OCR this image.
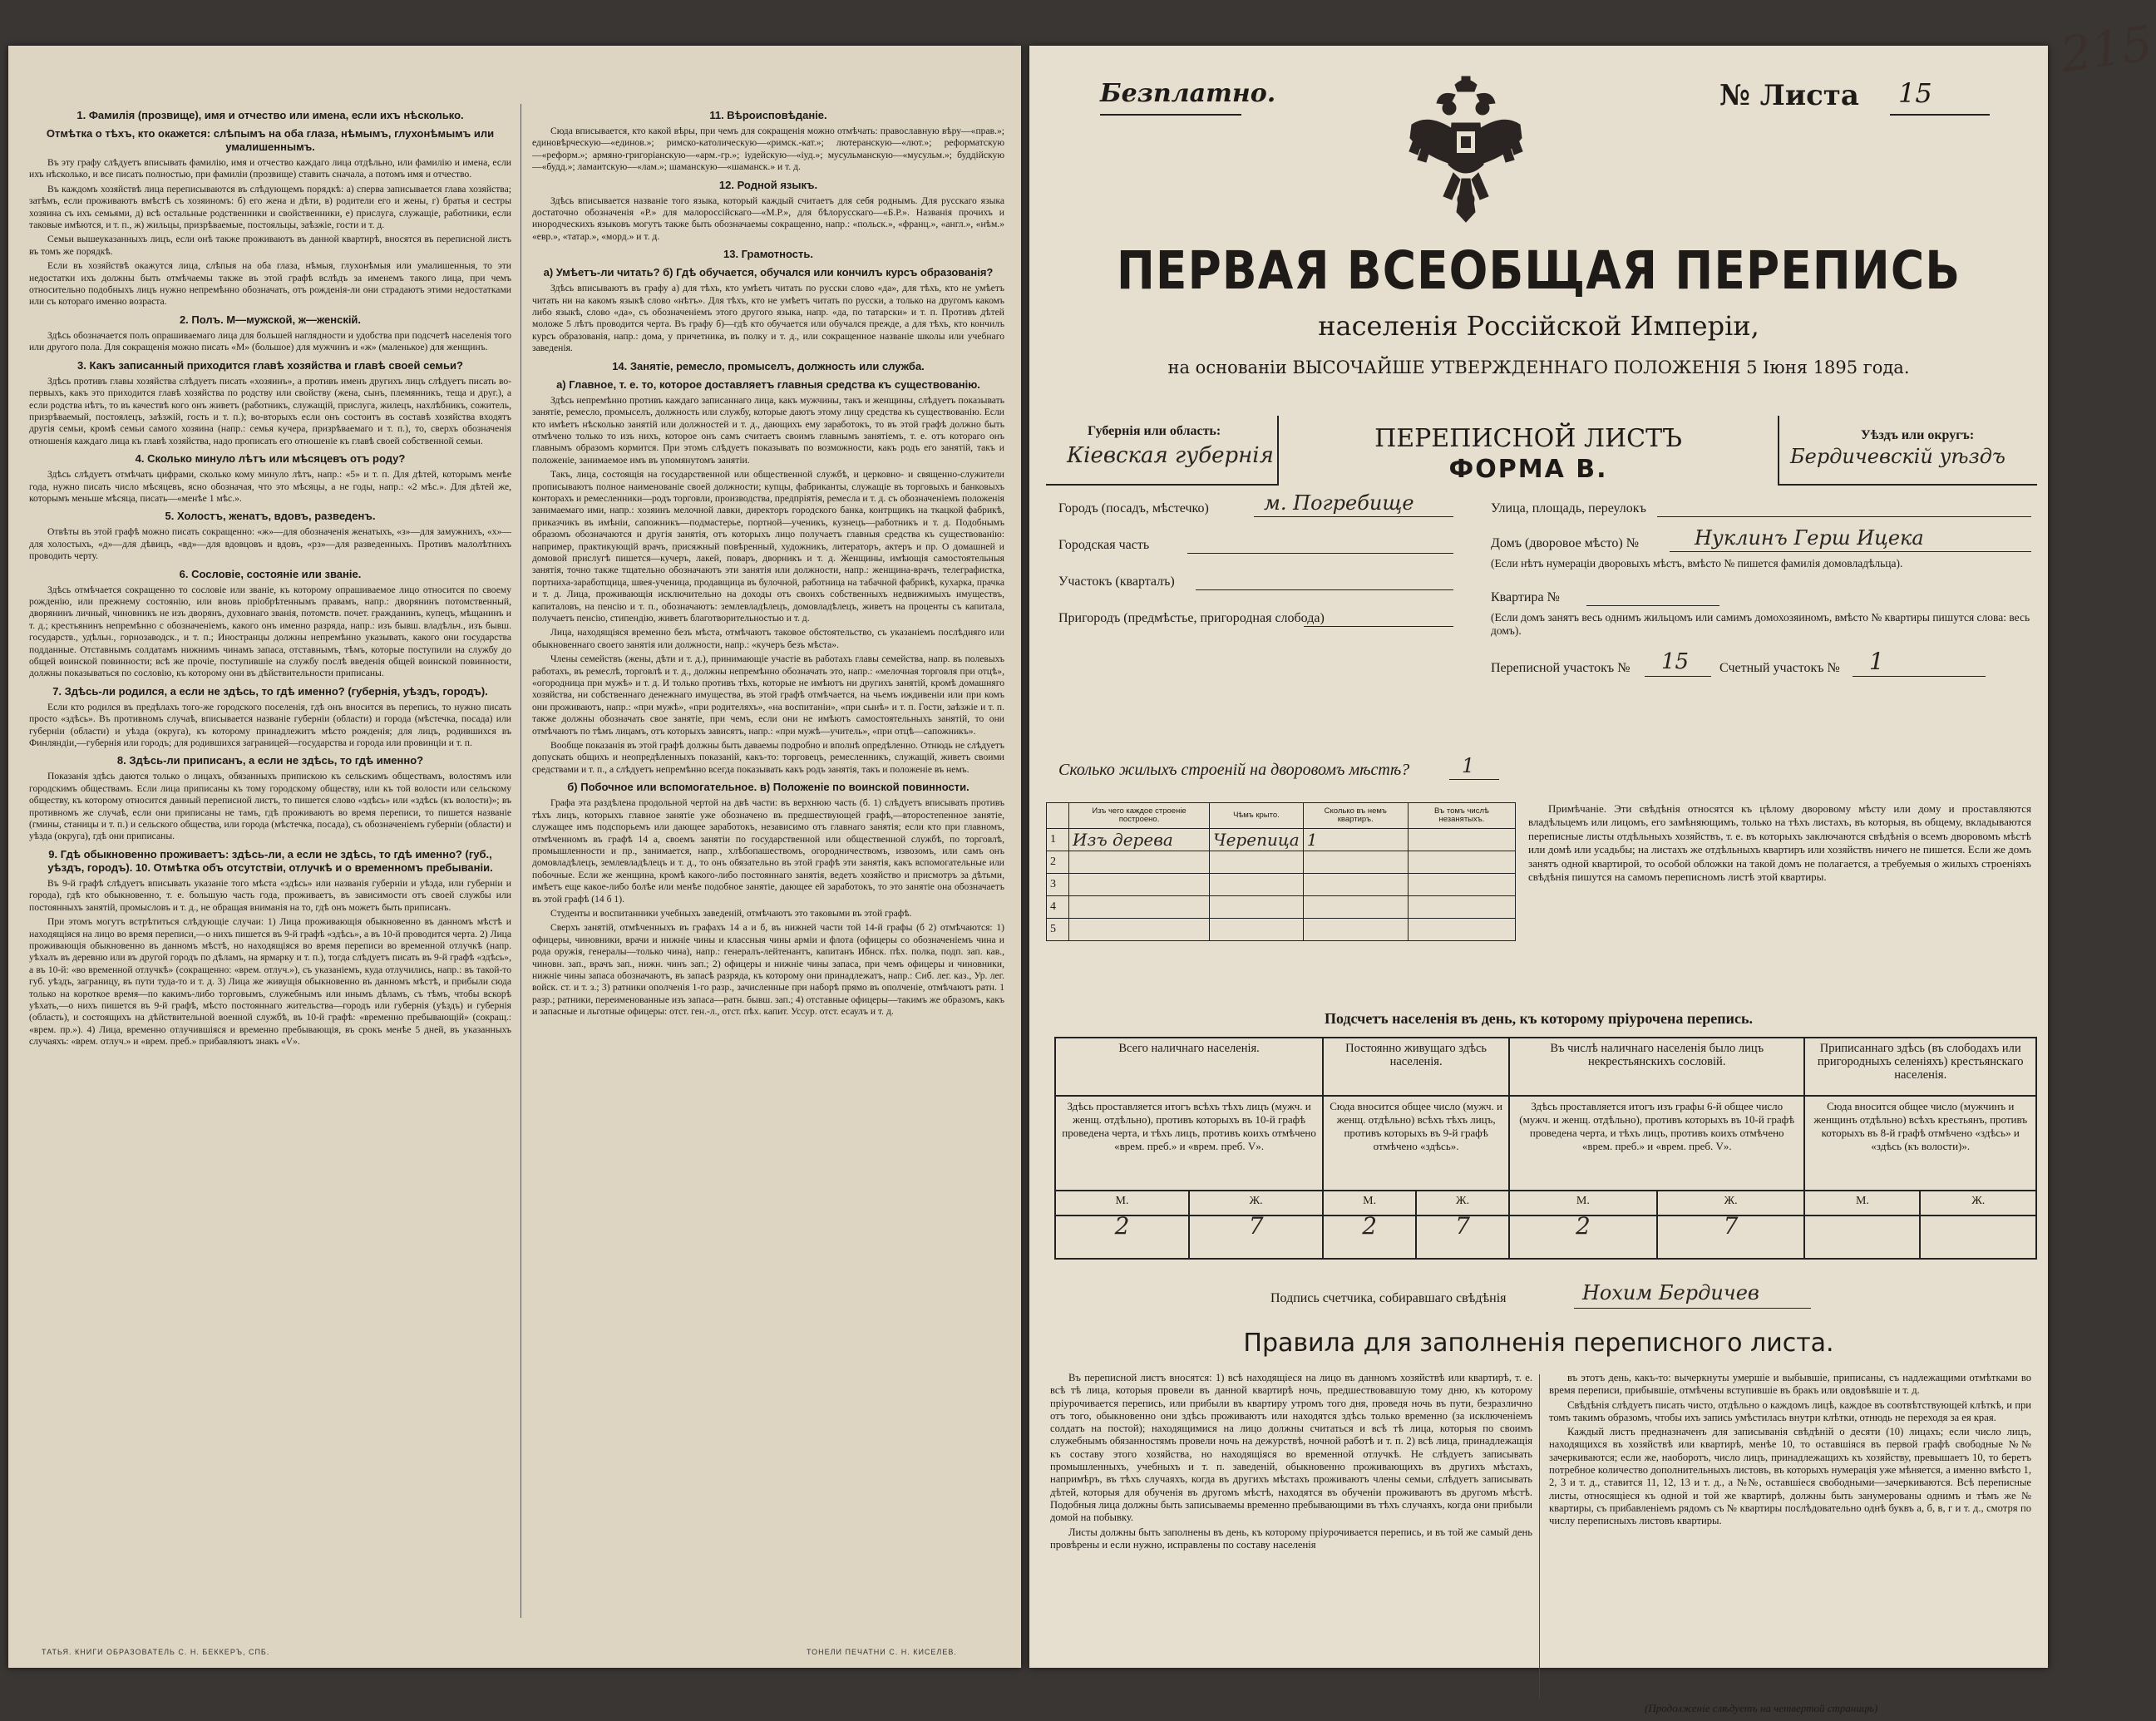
1. Фамилія (прозвище), имя и отчество или имена, если ихъ нѣсколько.
Отмѣтка о тѣхъ, кто окажется: слѣпымъ на оба глаза, нѣмымъ, глухонѣмымъ или умалишеннымъ.

Въ эту графу слѣдуетъ вписывать фамилію, имя и отчество каждаго лица отдѣльно, или фамилію и имена, если ихъ нѣсколько, и все писать полностью, при фамиліи (прозвище) ставить сначала, а потомъ имя и отчество.

Въ каждомъ хозяйствѣ лица переписываются въ слѣдующемъ порядкѣ: а) сперва записывается глава хозяйства; затѣмъ, если проживаютъ вмѣстѣ съ хозяиномъ: б) его жена и дѣти, в) родители его и жены, г) братья и сестры хозяина съ ихъ семьями, д) всѣ остальные родственники и свойственники, е) прислуга, служащіе, работники, если таковые имѣются, и т. п., ж) жильцы, призрѣваемые, постояльцы, заѣзжіе, гости и т. д.

Семьи вышеуказанныхъ лицъ, если онѣ также проживаютъ въ данной квартирѣ, вносятся въ переписной листъ въ томъ же порядкѣ.

Если въ хозяйствѣ окажутся лица, слѣпыя на оба глаза, нѣмыя, глухонѣмыя или умалишенныя, то эти недостатки ихъ должны быть отмѣчаемы также въ этой графѣ вслѣдъ за именемъ такого лица, при чемъ относительно подобныхъ лицъ нужно непремѣнно обозначать, отъ рожденія-ли они страдаютъ этими недостатками или съ котораго именно возраста.

2. Полъ. М—мужской, ж—женскій.

Здѣсь обозначается полъ опрашиваемаго лица для большей наглядности и удобства при подсчетѣ населенія того или другого пола. Для сокращенія можно писать «М» (большое) для мужчинъ и «ж» (маленькое) для женщинъ.

3. Какъ записанный приходится главѣ хозяйства и главѣ своей семьи?

Здѣсь противъ главы хозяйства слѣдуетъ писать «хозяинъ», а противъ именъ другихъ лицъ слѣдуетъ писать во-первыхъ, какъ это приходится главѣ хозяйства по родству или свойству (жена, сынъ, племянникъ, теща и друг.), а если родства нѣтъ, то въ качествѣ кого онъ живетъ (работникъ, служащій, прислуга, жилецъ, нахлѣбникъ, сожитель, призрѣваемый, постоялецъ, заѣзжій, гость и т. п.); во-вторыхъ если онъ состоитъ въ составѣ хозяйства входятъ другія семьи, кромѣ семьи самого хозяина (напр.: семья кучера, призрѣваемаго и т. п.), то, сверхъ обозначенія отношенія каждаго лица къ главѣ хозяйства, надо прописать его отношеніе къ главѣ своей собственной семьи.

4. Сколько минуло лѣтъ или мѣсяцевъ отъ роду?

Здѣсь слѣдуетъ отмѣчать цифрами, сколько кому минуло лѣтъ, напр.: «5» и т. п. Для дѣтей, которымъ менѣе года, нужно писать число мѣсяцевъ, ясно обозначая, что это мѣсяцы, а не годы, напр.: «2 мѣс.». Для дѣтей же, которымъ меньше мѣсяца, писать—«менѣе 1 мѣс.».

5. Холостъ, женатъ, вдовъ, разведенъ.

Отвѣты въ этой графѣ можно писать сокращенно: «ж»—для обозначенія женатыхъ, «з»—для замужнихъ, «х»—для холостыхъ, «д»—для дѣвицъ, «вд»—для вдовцовъ и вдовъ, «рз»—для разведенныхъ. Противъ малолѣтнихъ проводить черту.

6. Сословіе, состояніе или званіе.

Здѣсь отмѣчается сокращенно то сословіе или званіе, къ которому опрашиваемое лицо относится по своему рожденію, или прежнему состоянію, или вновь пріобрѣтеннымъ правамъ, напр.: дворянинъ потомственный, дворянинъ личный, чиновникъ не изъ дворянъ, духовнаго званія, потомств. почет. гражданинъ, купецъ, мѣщанинъ и т. д.; крестьянинъ непремѣнно с обозначеніемъ, какого онъ именно разряда, напр.: изъ бывш. владѣльч., изъ бывш. государств., удѣльн., горнозаводск., и т. п.; Иностранцы должны непремѣнно указывать, какого они государства подданные. Отставнымъ солдатамъ нижнимъ чинамъ запаса, отставнымъ, тѣмъ, которые поступили на службу до общей воинской повинности; всѣ же прочіе, поступившіе на службу послѣ введенія общей воинской повинности, должны показываться по сословію, къ которому они въ дѣйствительности приписаны.

7. Здѣсь-ли родился, а если не здѣсь, то гдѣ именно? (губернія, уѣздъ, городъ).

Если кто родился въ предѣлахъ того-же городского поселенія, гдѣ онъ вносится въ перепись, то нужно писать просто «здѣсь». Въ противномъ случаѣ, вписывается названіе губерніи (области) и города (мѣстечка, посада) или губерніи (области) и уѣзда (округа), къ которому принадлежитъ мѣсто рожденія; для лицъ, родившихся въ Финляндіи,—губернія или городъ; для родившихся заграницей—государства и города или провинціи и т. п.

8. Здѣсь-ли приписанъ, а если не здѣсь, то гдѣ именно?

Показанія здѣсь даются только о лицахъ, обязанныхъ припискою къ сельскимъ обществамъ, волостямъ или городскимъ обществамъ. Если лица приписаны къ тому городскому обществу, или къ той волости или сельскому обществу, къ которому относится данный переписной листъ, то пишется слово «здѣсь» или «здѣсь (къ волости)»; въ противномъ же случаѣ, если они приписаны не тамъ, гдѣ проживаютъ во время переписи, то пишется названіе (гмины, станицы и т. п.) и сельского общества, или города (мѣстечка, посада), съ обозначеніемъ губерніи (области) и уѣзда (округа), гдѣ они приписаны.

9. Гдѣ обыкновенно проживаетъ: здѣсь-ли, а если не здѣсь, то гдѣ именно? (губ., уѣздъ, городъ). 10. Отмѣтка объ отсутствіи, отлучкѣ и о временномъ пребываніи.

Въ 9-й графѣ слѣдуетъ вписывать указаніе того мѣста «здѣсь» или названія губерніи и уѣзда, или губерніи и города), гдѣ кто обыкновенно, т. е. большую часть года, проживаетъ, въ зависимости отъ своей службы или постоянныхъ занятій, промысловъ и т. д., не обращая вниманія на то, гдѣ онъ можетъ быть приписанъ.

При этомъ могутъ встрѣтиться слѣдующіе случаи: 1) Лица проживающія обыкновенно въ данномъ мѣстѣ и находящіяся на лицо во время переписи,—о нихъ пишется въ 9-й графѣ «здѣсь», а въ 10-й проводится черта. 2) Лица проживающія обыкновенно въ данномъ мѣстѣ, но находящіяся во время переписи во временной отлучкѣ (напр. уѣхалъ въ деревню или въ другой городъ по дѣламъ, на ярмарку и т. п.), тогда слѣдуетъ писать въ 9-й графѣ «здѣсь», а въ 10-й: «во временной отлучкѣ» (сокращенно: «врем. отлуч.»), съ указаніемъ, куда отлучились, напр.: въ такой-то губ. уѣздъ, заграницу, въ пути туда-то и т. д. 3) Лица же живущія обыкновенно въ данномъ мѣстѣ, и прибыли сюда только на короткое время—по какимъ-либо торговымъ, служебнымъ или инымъ дѣламъ, съ тѣмъ, чтобы вскорѣ уѣхать,—о нихъ пишется въ 9-й графѣ, мѣсто постояннаго жительства—городъ или губернія (уѣздъ) и губернія (область), и состоящихъ на дѣйствительной военной службѣ, въ 10-й графѣ: «временно пребывающій» (сокращ.: «врем. пр.»). 4) Лица, временно отлучившіяся и временно пребывающія, въ срокъ менѣе 5 дней, въ указанныхъ случаяхъ: «врем. отлуч.» и «врем. преб.» прибавляютъ знакъ «V».

11. Вѣроисповѣданіе.

Сюда вписывается, кто какой вѣры, при чемъ для сокращенія можно отмѣчать: православную вѣру—«прав.»; единовѣрческую—«единов.»; римско-католическую—«римск.-кат.»; лютеранскую—«лют.»; реформатскую—«реформ.»; армяно-григоріанскую—«арм.-гр.»; іудейскую—«іуд.»; мусульманскую—«мусульм.»; буддійскую—«будд.»; ламаитскую—«лам.»; шаманскую—«шаманск.» и т. д.

12. Родной языкъ.

Здѣсь вписывается названіе того языка, который каждый считаетъ для себя роднымъ. Для русскаго языка достаточно обозначенія «Р.» для малороссійскаго—«М.Р.», для бѣлорусскаго—«Б.Р.». Названія прочихъ и инородческихъ языковъ могутъ также быть обозначаемы сокращенно, напр.: «польск.», «франц.», «англ.», «нѣм.» «евр.», «татар.», «морд.» и т. д.

13. Грамотность.
а) Умѣетъ-ли читать? б) Гдѣ обучается, обучался или кончилъ курсъ образованія?

Здѣсь вписываютъ въ графу а) для тѣхъ, кто умѣетъ читать по русски слово «да», для тѣхъ, кто не умѣетъ читать ни на какомъ языкѣ слово «нѣтъ». Для тѣхъ, кто не умѣетъ читать по русски, а только на другомъ какомъ либо языкѣ, слово «да», съ обозначеніемъ этого другого языка, напр. «да, по татарски» и т. п. Противъ дѣтей моложе 5 лѣтъ проводится черта. Въ графу б)—гдѣ кто обучается или обучался прежде, а для тѣхъ, кто кончилъ курсъ образованія, напр.: дома, у причетника, въ полку и т. д., или сокращенное названіе школы или учебнаго заведенія.

14. Занятіе, ремесло, промыселъ, должность или служба.
а) Главное, т. е. то, которое доставляетъ главныя средства къ существованію.

Здѣсь непремѣнно противъ каждаго записаннаго лица, какъ мужчины, такъ и женщины, слѣдуетъ показывать занятіе, ремесло, промыселъ, должность или службу, которые даютъ этому лицу средства къ существованію. Если кто имѣетъ нѣсколько занятій или должностей и т. д., дающихъ ему заработокъ, то въ этой графѣ должно быть отмѣчено только то изъ нихъ, которое онъ самъ считаетъ своимъ главнымъ занятіемъ, т. е. отъ котораго онъ главнымъ образомъ кормится. При этомъ слѣдуетъ показывать по возможности, какъ родъ его занятій, такъ и положеніе, занимаемое имъ въ упомянутомъ занятіи.

Такъ, лица, состоящія на государственной или общественной службѣ, и церковно- и священно-служители прописываютъ полное наименованіе своей должности; купцы, фабриканты, служащіе въ торговыхъ и банковыхъ конторахъ и ремесленники—родъ торговли, производства, предпріятія, ремесла и т. д. съ обозначеніемъ положенія занимаемаго ими, напр.: хозяинъ мелочной лавки, директоръ городского банка, контрщикъ на ткацкой фабрикѣ, приказчикъ въ имѣніи, сапожникъ—подмастерье, портной—ученикъ, кузнецъ—работникъ и т. д. Подобнымъ образомъ обозначаются и другія занятія, отъ которыхъ лицо получаетъ главныя средства къ существованію: например, практикующій врачъ, присяжный повѣренный, художникъ, литераторъ, актеръ и пр. О домашней и домовой прислугѣ пишется—кучеръ, лакей, поваръ, дворникъ и т. д. Женщины, имѣющія самостоятельныя занятія, точно также тщательно обозначаютъ эти занятія или должности, напр.: женщина-врачъ, телеграфистка, портниха-заработщица, швея-ученица, продавщица въ булочной, работница на табачной фабрикѣ, кухарка, прачка и т. д. Лица, проживающія исключительно на доходы отъ своихъ собственныхъ недвижимыхъ имуществъ, капиталовъ, на пенсію и т. п., обозначаютъ: землевладѣлецъ, домовладѣлецъ, живетъ на проценты съ капитала, получаетъ пенсію, стипендію, живетъ благотворительностью и т. д.

Лица, находящіяся временно безъ мѣста, отмѣчаютъ таковое обстоятельство, съ указаніемъ послѣдняго или обыкновеннаго своего занятія или должности, напр.: «кучеръ безъ мѣста».

Члены семействъ (жены, дѣти и т. д.), принимающіе участіе въ работахъ главы семейства, напр. въ полевыхъ работахъ, въ ремеслѣ, торговлѣ и т. д., должны непремѣнно обозначать это, напр.: «мелочная торговля при отцѣ», «огородница при мужѣ» и т. д. И только противъ тѣхъ, которые не имѣютъ ни другихъ занятій, кромѣ домашняго хозяйства, ни собственнаго денежнаго имущества, въ этой графѣ отмѣчается, на чьемъ иждивеніи или при комъ они проживаютъ, напр.: «при мужѣ», «при родителяхъ», «на воспитаніи», «при сынѣ» и т. п. Гости, заѣзжіе и т. п. также должны обозначать свое занятіе, при чемъ, если они не имѣютъ самостоятельныхъ занятій, то они отмѣчаютъ по тѣмъ лицамъ, отъ которыхъ зависятъ, напр.: «при мужѣ—учитель», «при отцѣ—сапожникъ».

Вообще показанія въ этой графѣ должны быть даваемы подробно и вполнѣ опредѣленно. Отнюдь не слѣдуетъ допускать общихъ и неопредѣленныхъ показаній, какъ-то: торговецъ, ремесленникъ, служащій, живетъ своими средствами и т. п., а слѣдуетъ непремѣнно всегда показывать какъ родъ занятія, такъ и положеніе въ немъ.

б) Побочное или вспомогательное. в) Положеніе по воинской повинности.

Графа эта раздѣлена продольной чертой на двѣ части: въ верхнюю часть (б. 1) слѣдуетъ вписывать противъ тѣхъ лицъ, которыхъ главное занятіе уже обозначено въ предшествующей графѣ,—второстепенное занятіе, служащее имъ подспорьемъ или дающее заработокъ, независимо отъ главнаго занятія; если кто при главномъ, отмѣченномъ въ графѣ 14 а, своемъ занятіи по государственной или общественной службѣ, по торговлѣ, промышленности и пр., занимается, напр., хлѣбопашествомъ, огородничествомъ, извозомъ, или самъ онъ домовладѣлецъ, землевладѣлецъ и т. д., то онъ обязательно въ этой графѣ эти занятія, какъ вспомогательные или побочные. Если же женщина, кромѣ какого-либо постояннаго занятія, ведетъ хозяйство и присмотръ за дѣтьми, имѣетъ еще какое-либо болѣе или менѣе подобное занятіе, дающее ей заработокъ, то это занятіе она обозначаетъ въ этой графѣ (14 б 1).

Студенты и воспитанники учебныхъ заведеній, отмѣчаютъ это таковыми въ этой графѣ.

Сверхъ занятій, отмѣченныхъ въ графахъ 14 а и б, въ нижней части той 14-й графы (б 2) отмѣчаются: 1) офицеры, чиновники, врачи и нижніе чины и классныя чины армiи и флота (офицеры со обозначеніемъ чина и рода оружія, генералы—только чина), напр.: генералъ-лейтенантъ, капитанъ Ибнск. пѣх. полка, подп. зап. кав., чиновн. зап., врачъ зап., нижн. чинъ зап.; 2) офицеры и нижніе чины запаса, при чемъ офицеры и чиновники, нижніе чины запаса обозначаютъ, въ запасѣ разряда, къ которому они принадлежатъ, напр.: Сиб. лег. каз., Ур. лег. войск. ст. и т. з.; 3) ратники ополченія 1-го разр., зачисленные при наборѣ прямо въ ополченіе, отмѣчаютъ ратн. 1 разр.; ратники, переименованные изъ запаса—ратн. бывш. зап.; 4) отставные офицеры—такимъ же образомъ, какъ и запасные и льготные офицеры: отст. ген.-л., отст. пѣх. капит. Уссур. отст. есаулъ и т. д.

ТАТЬЯ. КНИГИ ОБРАЗОВАТЕЛЬ С. Н. БЕККЕРЪ, СПБ.	ТОНЕЛИ ПЕЧАТНИ С. Н. КИСЕЛЕВ.
Безплатно.	№ Листа 15
215
ПЕРВАЯ ВСЕОБЩАЯ ПЕРЕПИСЬ
населенія Россійской Имперіи,
на основаніи ВЫСОЧАЙШЕ УТВЕРЖДЕННАГО ПОЛОЖЕНІЯ 5 Іюня 1895 года.
Губернія или область:
Кіевская губернія
ПЕРЕПИСНОЙ ЛИСТЪ
ФОРМА В.
Уѣздъ или округъ:
Бердичевскій уѣздъ
Городъ (посадъ, мѣстечко)	м. Погребище
Городская часть
Участокъ (кварталъ)
Пригородъ (предмѣстье, пригородная слобода)
Улица, площадь, переулокъ
Домъ (дворовое мѣсто) №	Нуклинъ Герш Ицека
(Если нѣтъ нумераціи дворовыхъ мѣстъ, вмѣсто № пишется фамилія домовладѣльца).
Квартира №
(Если домъ занятъ весь однимъ жильцомъ или самимъ домохозяиномъ, вмѣсто № квартиры пишутся слова: весь домъ).
Переписной участокъ № 15 Счетный участокъ № 1
Сколько жилыхъ строеній на дворовомъ мѣстѣ?	1
	Изъ чего каждое строеніе построено.	Чѣмъ крыто.	Сколько въ немъ квартиръ.	Въ томъ числѣ незанятыхъ.
1	Изъ дерева	Черепица	1	
2				
3				
4				
5				
Примѣчаніе. Эти свѣдѣнія относятся къ цѣлому дворовому мѣсту или дому и проставляются владѣльцемъ или лицомъ, его замѣняющимъ, только на тѣхъ листахъ, въ которыя, въ общему, вкладываются переписные листы отдѣльныхъ хозяйствъ, т. е. въ которыхъ заключаются свѣдѣнія о всемъ дворовомъ мѣстѣ или домѣ или усадьбы; на листахъ же отдѣльныхъ квартиръ или хозяйствъ ничего не пишется. Если же домъ занятъ одной квартирой, то особой обложки на такой домъ не полагается, а требуемыя о жилыхъ строеніяхъ свѣдѣнія пишутся на самомъ переписномъ листѣ этой квартиры.
Подсчетъ населенія въ день, къ которому пріурочена перепись.
Всего наличнаго населенія.		Постоянно живущаго здѣсь населенія.		Въ числѣ наличнаго населенія было лицъ некрестьянскихъ сословій.		Приписаннаго здѣсь (въ слободахъ или пригородныхъ селеніяхъ) крестьянскаго населенія.	
Здѣсь проставляется итогъ всѣхъ тѣхъ лицъ (мужч. и женщ. отдѣльно), противъ которыхъ въ 10-й графѣ проведена черта, и тѣхъ лицъ, противъ коихъ отмѣчено «врем. преб.» и «врем. преб. V».		Сюда вносится общее число (мужч. и женщ. отдѣльно) всѣхъ тѣхъ лицъ, противъ которыхъ въ 9-й графѣ отмѣчено «здѣсь».		Здѣсь проставляется итогъ изъ графы 6-й общее число (мужч. и женщ. отдѣльно), противъ которыхъ въ 10-й графѣ проведена черта, и тѣхъ лицъ, противъ коихъ отмѣчено «врем. преб.» и «врем. преб. V».		Сюда вносится общее число (мужчинъ и женщинъ отдѣльно) всѣхъ крестьянъ, противъ которыхъ въ 8-й графѣ отмѣчено «здѣсь» и «здѣсь (къ волости)».	
М.	Ж.	М.	Ж.	М.	Ж.	М.	Ж.
2	7	2	7	2	7		
Подпись счетчика, собиравшаго свѣдѣнія	Нохим Бердичев
Правила для заполненія переписного листа.

Въ переписной листъ вносятся: 1) всѣ находящіеся на лицо въ данномъ хозяйствѣ или квартирѣ, т. е. всѣ тѣ лица, которыя провели въ данной квартирѣ ночь, предшествовавшую тому дню, къ которому пріурочивается перепись, или прибыли въ квартиру утромъ того дня, проведя ночь въ пути, безразлично отъ того, обыкновенно они здѣсь проживаютъ или находятся здѣсь только временно (за исключеніемъ солдатъ на постой); находящимися на лицо должны считаться и всѣ тѣ лица, которыя по своимъ служебнымъ обязанностямъ провели ночь на дежурствѣ, ночной работѣ и т. п. 2) всѣ лица, принадлежащія къ составу этого хозяйства, но находящіяся во временной отлучкѣ. Не слѣдуетъ записывать промышленныхъ, учебныхъ и т. п. заведеній, обыкновенно проживающихъ въ другихъ мѣстахъ, напримѣръ, въ тѣхъ случаяхъ, когда въ другихъ мѣстахъ проживаютъ члены семьи, слѣдуетъ записывать дѣтей, которыя для обученія въ другомъ мѣстѣ, находятся въ обученіи проживаютъ въ другомъ мѣстѣ. Подобныя лица должны быть записываемы временно пребывающими въ тѣхъ случаяхъ, когда они прибыли домой на побывку.

Листы должны быть заполнены въ день, къ которому пріурочивается перепись, и въ той же самый день провѣрены и если нужно, исправлены по составу населенія

въ этотъ день, какъ-то: вычеркнуты умершіе и выбывшіе, приписаны, съ надлежащими отмѣтками во время переписи, прибывшіе, отмѣчены вступившіе въ бракъ или овдовѣвшіе и т. д.

Свѣдѣнія слѣдуетъ писать чисто, отдѣльно о каждомъ лицѣ, каждое въ соотвѣтствующей клѣткѣ, и при томъ такимъ образомъ, чтобы ихъ запись умѣстилась внутри клѣтки, отнюдь не переходя за ея края.

Каждый листъ предназначенъ для записыванія свѣдѣній о десяти (10) лицахъ; если число лицъ, находящихся въ хозяйствѣ или квартирѣ, менѣе 10, то оставшіяся въ первой графѣ свободные №№ зачеркиваются; если же, наоборотъ, число лицъ, принадлежащихъ къ хозяйству, превышаетъ 10, то беретъ потребное количество дополнительныхъ листовъ, въ которыхъ нумерація уже мѣняется, а именно вмѣсто 1, 2, 3 и т. д., ставится 11, 12, 13 и т. д., а №№, оставшіеся свободными—зачеркиваются. Всѣ переписные листы, относящіеся къ одной и той же квартирѣ, должны быть занумерованы однимъ и тѣмъ же № квартиры, съ прибавленіемъ рядомъ съ № квартиры послѣдовательно однѣ буквъ а, б, в, г и т. д., смотря по числу переписныхъ листовъ квартиры.

(Продолженіе слѣдуетъ на четвертой страницѣ)
